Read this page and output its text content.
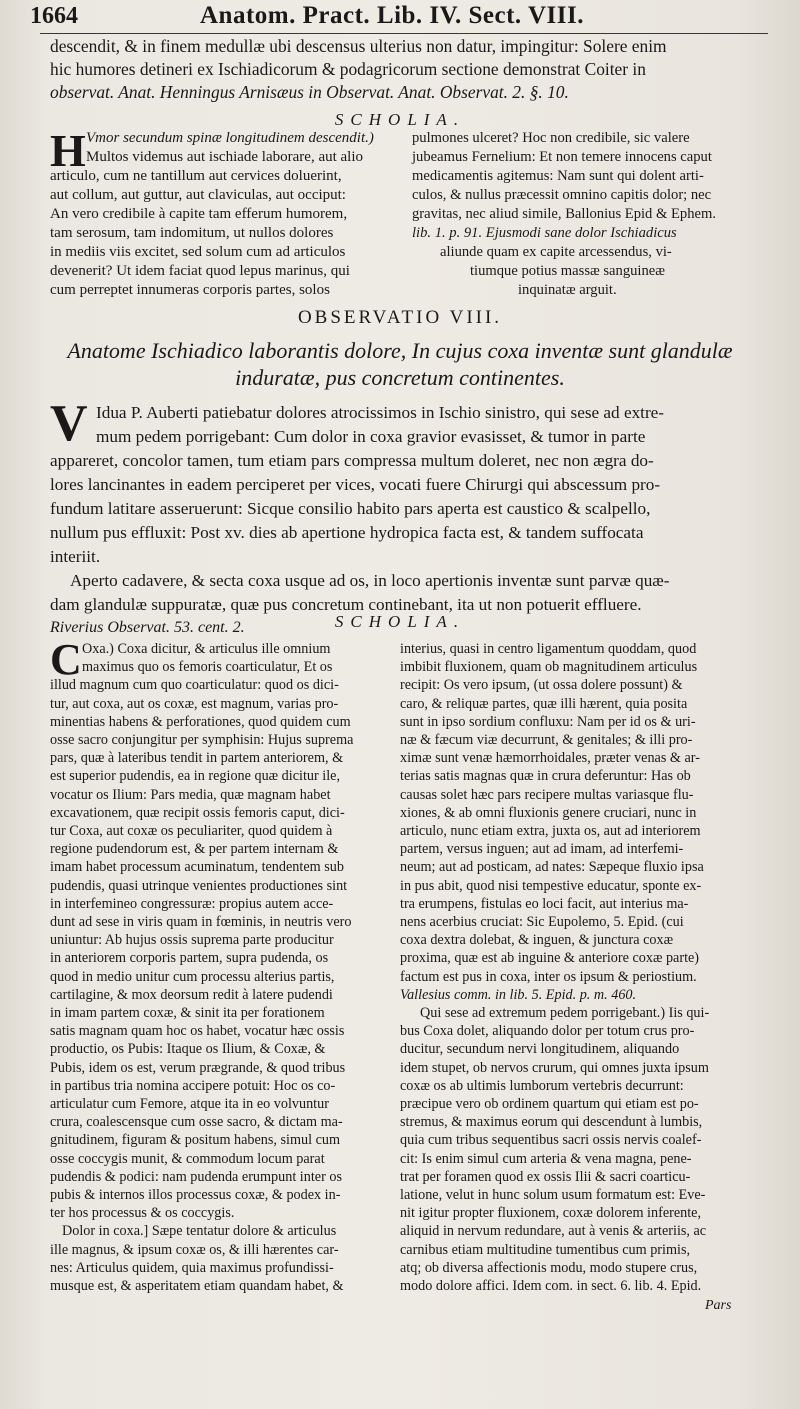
1664	Anatom. Pract. Lib. IV. Sect. VIII.
descendit, & in finem medullæ ubi descensus ulterius non datur, impingitur: Solere enim
hic humores detineri ex Ischiadicorum & podagricorum sectione demonstrat Coiter in
observat. Anat. Henningus Arnisæus in Observat. Anat. Observat. 2. §. 10.
SCHOLIA.
H Vmor secundum spinæ longitudinem descendit.)
Multos videmus aut ischiade laborare, aut alio
articulo, cum ne tantillum aut cervices doluerint,
aut collum, aut guttur, aut claviculas, aut occiput:
An vero credibile à capite tam efferum humorem,
tam serosum, tam indomitum, ut nullos dolores
in mediis viis excitet, sed solum cum ad articulos
devenerit? Ut idem faciat quod lepus marinus, qui
cum perreptet innumeras corporis partes, solos
pulmones ulceret? Hoc non credibile, sic valere
jubeamus Fernelium: Et non temere innocens caput
medicamentis agitemus: Nam sunt qui dolent arti-
culos, & nullus præcessit omnino capitis dolor; nec
gravitas, nec aliud simile, Ballonius Epid & Ephem.
lib. 1. p. 91. Ejusmodi sane dolor Ischiadicus
aliunde quam ex capite arcessendus, vi-
tiumque potius massæ sanguineæ
inquinatæ arguit.
OBSERVATIO VIII.
Anatome Ischiadico laborantis dolore, In cujus coxa inventæ sunt glandulæ
induratæ, pus concretum continentes.
V Idua P. Auberti patiebatur dolores atrocissimos in Ischio sinistro, qui sese ad extre-
mum pedem porrigebant: Cum dolor in coxa gravior evasisset, & tumor in parte
appareret, concolor tamen, tum etiam pars compressa multum doleret, nec non ægra do-
lores lancinantes in eadem perciperet per vices, vocati fuere Chirurgi qui abscessum pro-
fundum latitare asseruerunt: Sicque consilio habito pars aperta est caustico & scalpello,
nullum pus effluxit: Post xv. dies ab apertione hydropica facta est, & tandem suffocata
interiit.
Aperto cadavere, & secta coxa usque ad os, in loco apertionis inventæ sunt parvæ quæ-
dam glandulæ suppuratæ, quæ pus concretum continebant, ita ut non potuerit effluere.
Riverius Observat. 53. cent. 2.	SCHOLIA.
C Oxa.) Coxa dicitur, & articulus ille omnium
maximus quo os femoris coarticulatur, Et os
illud magnum cum quo coarticulatur: quod os dici-
tur, aut coxa, aut os coxæ, est magnum, varias pro-
minentias habens & perforationes, quod quidem cum
osse sacro conjungitur per symphisin: Hujus suprema
pars, quæ à lateribus tendit in partem anteriorem, &
est superior pudendis, ea in regione quæ dicitur ile,
vocatur os Ilium: Pars media, quæ magnam habet
excavationem, quæ recipit ossis femoris caput, dici-
tur Coxa, aut coxæ os peculiariter, quod quidem à
regione pudendorum est, & per partem internam &
imam habet processum acuminatum, tendentem sub
pudendis, quasi utrinque venientes productiones sint
in interfemineo congressuræ: propius autem acce-
dunt ad sese in viris quam in fœminis, in neutris vero
uniuntur: Ab hujus ossis suprema parte producitur
in anteriorem corporis partem, supra pudenda, os
quod in medio unitur cum processu alterius partis,
cartilagine, & mox deorsum redit à latere pudendi
in imam partem coxæ, & sinit ita per forationem
satis magnam quam hoc os habet, vocatur hæc ossis
productio, os Pubis: Itaque os Ilium, & Coxæ, &
Pubis, idem os est, verum prægrande, & quod tribus
in partibus tria nomina accipere potuit: Hoc os co-
articulatur cum Femore, atque ita in eo volvuntur
crura, coalescensque cum osse sacro, & dictam ma-
gnitudinem, figuram & positum habens, simul cum
osse coccygis munit, & commodum locum parat
pudendis & podici: nam pudenda erumpunt inter os
pubis & internos illos processus coxæ, & podex in-
ter hos processus & os coccygis.
Dolor in coxa.] Sæpe tentatur dolore & articulus
ille magnus, & ipsum coxæ os, & illi hærentes car-
nes: Articulus quidem, quia maximus profundissi-
musque est, & asperitatem etiam quandam habet, &
interius, quasi in centro ligamentum quoddam, quod
imbibit fluxionem, quam ob magnitudinem articulus
recipit: Os vero ipsum, (ut ossa dolere possunt) &
caro, & reliquæ partes, quæ illi hærent, quia posita
sunt in ipso sordium confluxu: Nam per id os & uri-
næ & fæcum viæ decurrunt, & genitales; & illi pro-
ximæ sunt venæ hæmorrhoidales, præter venas & ar-
terias satis magnas quæ in crura deferuntur: Has ob
causas solet hæc pars recipere multas variasque flu-
xiones, & ab omni fluxionis genere cruciari, nunc in
articulo, nunc etiam extra, juxta os, aut ad interiorem
partem, versus inguen; aut ad imam, ad interfemi-
neum; aut ad posticam, ad nates: Sæpeque fluxio ipsa
in pus abit, quod nisi tempestive educatur, sponte ex-
tra erumpens, fistulas eo loci facit, aut interius ma-
nens acerbius cruciat: Sic Eupolemo, 5. Epid. (cui
coxa dextra dolebat, & inguen, & junctura coxæ
proxima, quæ est ab inguine & anteriore coxæ parte)
factum est pus in coxa, inter os ipsum & periostium.
Vallesius comm. in lib. 5. Epid. p. m. 460.
Qui sese ad extremum pedem porrigebant.) Iis qui-
bus Coxa dolet, aliquando dolor per totum crus pro-
ducitur, secundum nervi longitudinem, aliquando
idem stupet, ob nervos crurum, qui omnes juxta ipsum
coxæ os ab ultimis lumborum vertebris decurrunt:
præcipue vero ob ordinem quartum qui etiam est po-
stremus, & maximus eorum qui descendunt à lumbis,
quia cum tribus sequentibus sacri ossis nervis coalef-
cit: Is enim simul cum arteria & vena magna, pene-
trat per foramen quod ex ossis Ilii & sacri coarticu-
latione, velut in hunc solum usum formatum est: Eve-
nit igitur propter fluxionem, coxæ dolorem inferente,
aliquid in nervum redundare, aut à venis & arteriis, ac
carnibus etiam multitudine tumentibus cum primis,
atq; ob diversa affectionis modu, modo stupere crus,
modo dolore affici. Idem com. in sect. 6. lib. 4. Epid.
Pars
